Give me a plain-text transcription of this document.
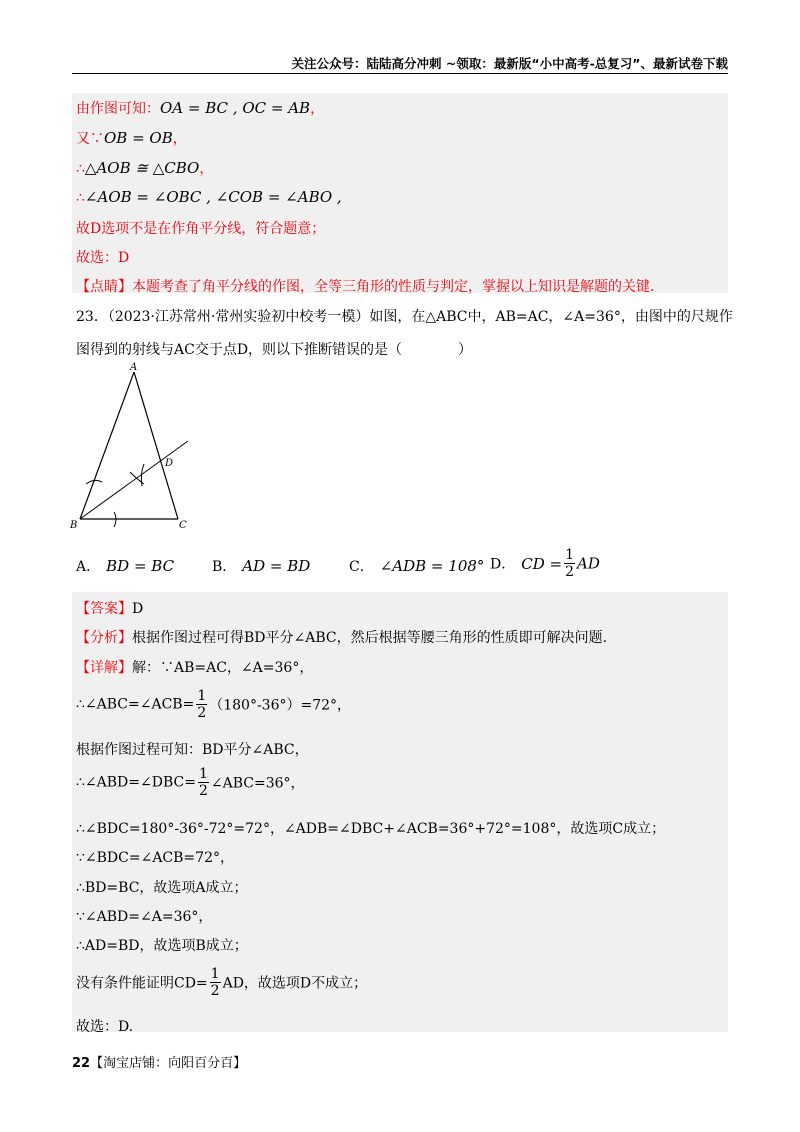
关注公众号：陆陆高分冲刺 ~领取：最新版“小中高考-总复习”、最新试卷下载
由作图可知：OA = BC , OC = AB，
又∵OB = OB，
∴△AOB ≅ △CBO，
∴∠AOB = ∠OBC , ∠COB = ∠ABO ,
故D选项不是在作角平分线，符合题意；
故选：D
【点睛】本题考查了角平分线的作图，全等三角形的性质与判定，掌握以上知识是解题的关键.
23．（2023·江苏常州·常州实验初中校考一模）如图，在△ABC中，AB=AC，∠A=36°，由图中的尺规作
图得到的射线与AC交于点D，则以下推断错误的是（　　　　）
A
B	C
D
A． BD = BC	B． AD = BD	C． ∠ADB = 108° D． CD = $\frac{1}{2}$ AD
【答案】D
【分析】根据作图过程可得BD平分∠ABC，然后根据等腰三角形的性质即可解决问题.
【详解】解：∵AB=AC，∠A=36°，
∴∠ABC=∠ACB= $\frac{1}{2} (180^\circ-36^\circ)=72^\circ$，
根据作图过程可知：BD平分∠ABC，
∴∠ABD=∠DBC= $\frac{1}{2}$ ∠ABC=36°，
∴∠BDC=180°-36°-72°=72°，∠ADB=∠DBC+∠ACB=36°+72°=108°，故选项C成立；
∵∠BDC=∠ACB=72°，
∴BD=BC，故选项A成立；
∵∠ABD=∠A=36°，
∴AD=BD，故选项B成立；
没有条件能证明$CD= \frac{1}{2}$ AD，故选项D不成立；
故选：D.
22【淘宝店铺：向阳百分百】
